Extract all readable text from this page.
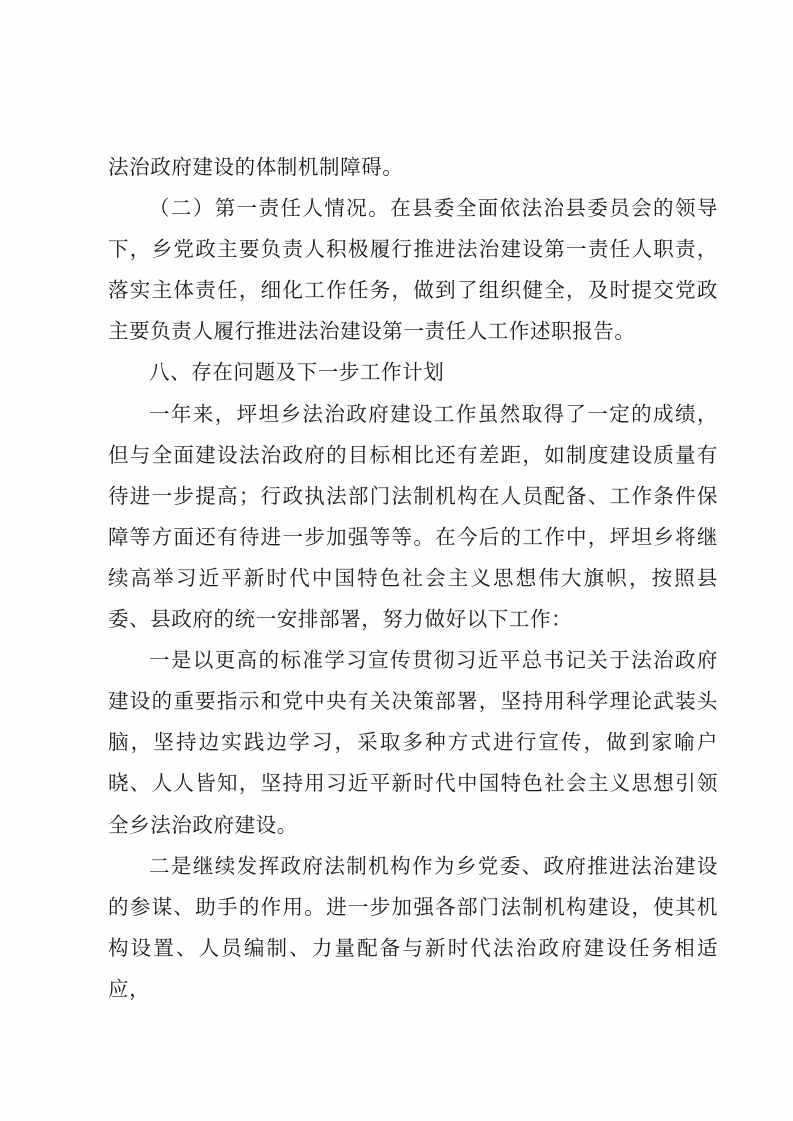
法治政府建设的体制机制障碍。

（二）第一责任人情况。在县委全面依法治县委员会的领导下，乡党政主要负责人积极履行推进法治建设第一责任人职责，落实主体责任，细化工作任务，做到了组织健全，及时提交党政主要负责人履行推进法治建设第一责任人工作述职报告。

八、存在问题及下一步工作计划

一年来，坪坦乡法治政府建设工作虽然取得了一定的成绩，但与全面建设法治政府的目标相比还有差距，如制度建设质量有待进一步提高；行政执法部门法制机构在人员配备、工作条件保障等方面还有待进一步加强等等。在今后的工作中，坪坦乡将继续高举习近平新时代中国特色社会主义思想伟大旗帜，按照县委、县政府的统一安排部署，努力做好以下工作：

一是以更高的标准学习宣传贯彻习近平总书记关于法治政府建设的重要指示和党中央有关决策部署，坚持用科学理论武装头脑，坚持边实践边学习，采取多种方式进行宣传，做到家喻户晓、人人皆知，坚持用习近平新时代中国特色社会主义思想引领全乡法治政府建设。

二是继续发挥政府法制机构作为乡党委、政府推进法治建设的参谋、助手的作用。进一步加强各部门法制机构建设，使其机构设置、人员编制、力量配备与新时代法治政府建设任务相适应，
